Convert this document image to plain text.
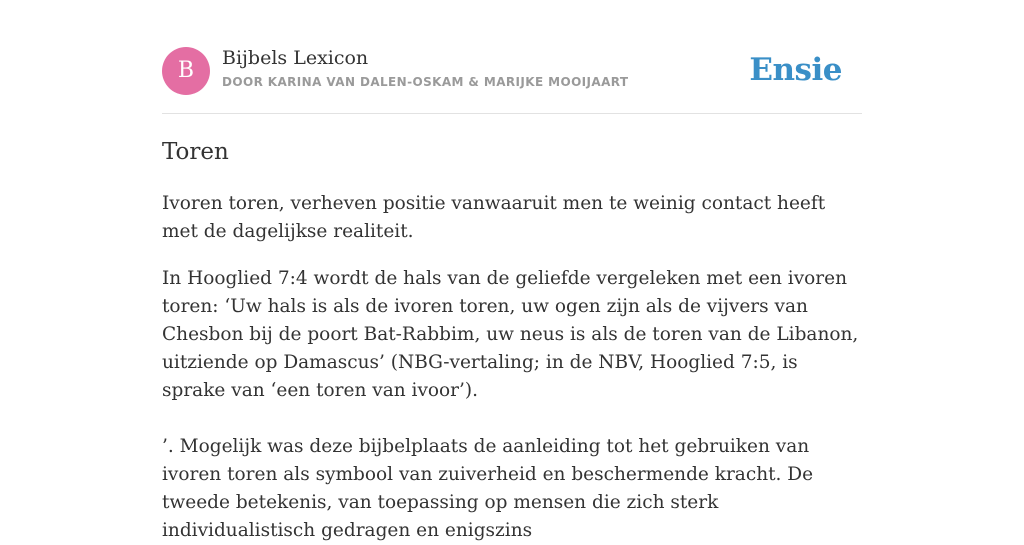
B	Bijbels Lexicon
DOOR KARINA VAN DALEN-OSKAM & MARIJKE MOOIJAART	Ensie
Toren

Ivoren toren, verheven positie vanwaaruit men te weinig contact heeft met de dagelijkse realiteit.

In Hooglied 7:4 wordt de hals van de geliefde vergeleken met een ivoren toren: ‘Uw hals is als de ivoren toren, uw ogen zijn als de vijvers van Chesbon bij de poort Bat-Rabbim, uw neus is als de toren van de Libanon, uitziende op Damascus’ (NBG-vertaling; in de NBV, Hooglied 7:5, is sprake van ‘een toren van ivoor’).

’. Mogelijk was deze bijbelplaats de aanleiding tot het gebruiken van ivoren toren als symbool van zuiverheid en beschermende kracht. De tweede betekenis, van toepassing op mensen die zich sterk individualistisch gedragen en enigszins
